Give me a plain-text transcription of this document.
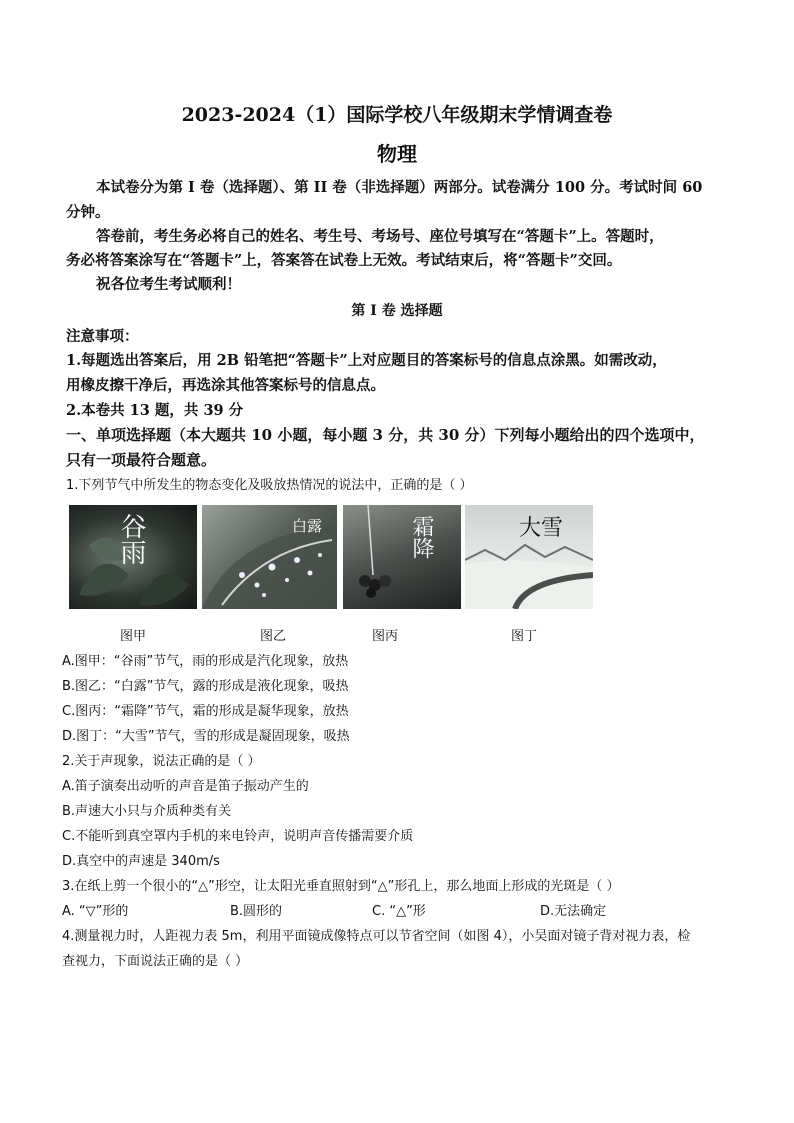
2023-2024（1）国际学校八年级期末学情调查卷
物理
本试卷分为第 I 卷（选择题）、第 II 卷（非选择题）两部分。试卷满分 100 分。考试时间 60
分钟。
答卷前，考生务必将自己的姓名、考生号、考场号、座位号填写在“答题卡”上。答题时，
务必将答案涂写在“答题卡”上，答案答在试卷上无效。考试结束后，将“答题卡”交回。
祝各位考生考试顺利！
第 I 卷 选择题
注意事项：
1.每题选出答案后，用 2B 铅笔把“答题卡”上对应题目的答案标号的信息点涂黑。如需改动，
用橡皮擦干净后，再选涂其他答案标号的信息点。
2.本卷共 13 题，共 39 分
一、单项选择题（本大题共 10 小题，每小题 3 分，共 30 分）下列每小题给出的四个选项中，
只有一项最符合题意。
1.下列节气中所发生的物态变化及吸放热情况的说法中，正确的是（ ）
谷雨	白露	霜降	大雪
图甲	图乙	图丙	图丁
A.图甲：“谷雨”节气，雨的形成是汽化现象，放热
B.图乙：“白露”节气，露的形成是液化现象，吸热
C.图丙：“霜降”节气，霜的形成是凝华现象，放热
D.图丁：“大雪”节气，雪的形成是凝固现象，吸热
2.关于声现象，说法正确的是（ ）
A.笛子演奏出动听的声音是笛子振动产生的
B.声速大小只与介质种类有关
C.不能听到真空罩内手机的来电铃声，说明声音传播需要介质
D.真空中的声速是 340m/s
3.在纸上剪一个很小的“△”形空，让太阳光垂直照射到“△”形孔上，那么地面上形成的光斑是（ ）
A. “▽”形的	B.圆形的	C. “△”形	D.无法确定
4.测量视力时，人距视力表 5m，利用平面镜成像特点可以节省空间（如图 4），小吴面对镜子背对视力表，检
查视力，下面说法正确的是（ ）
